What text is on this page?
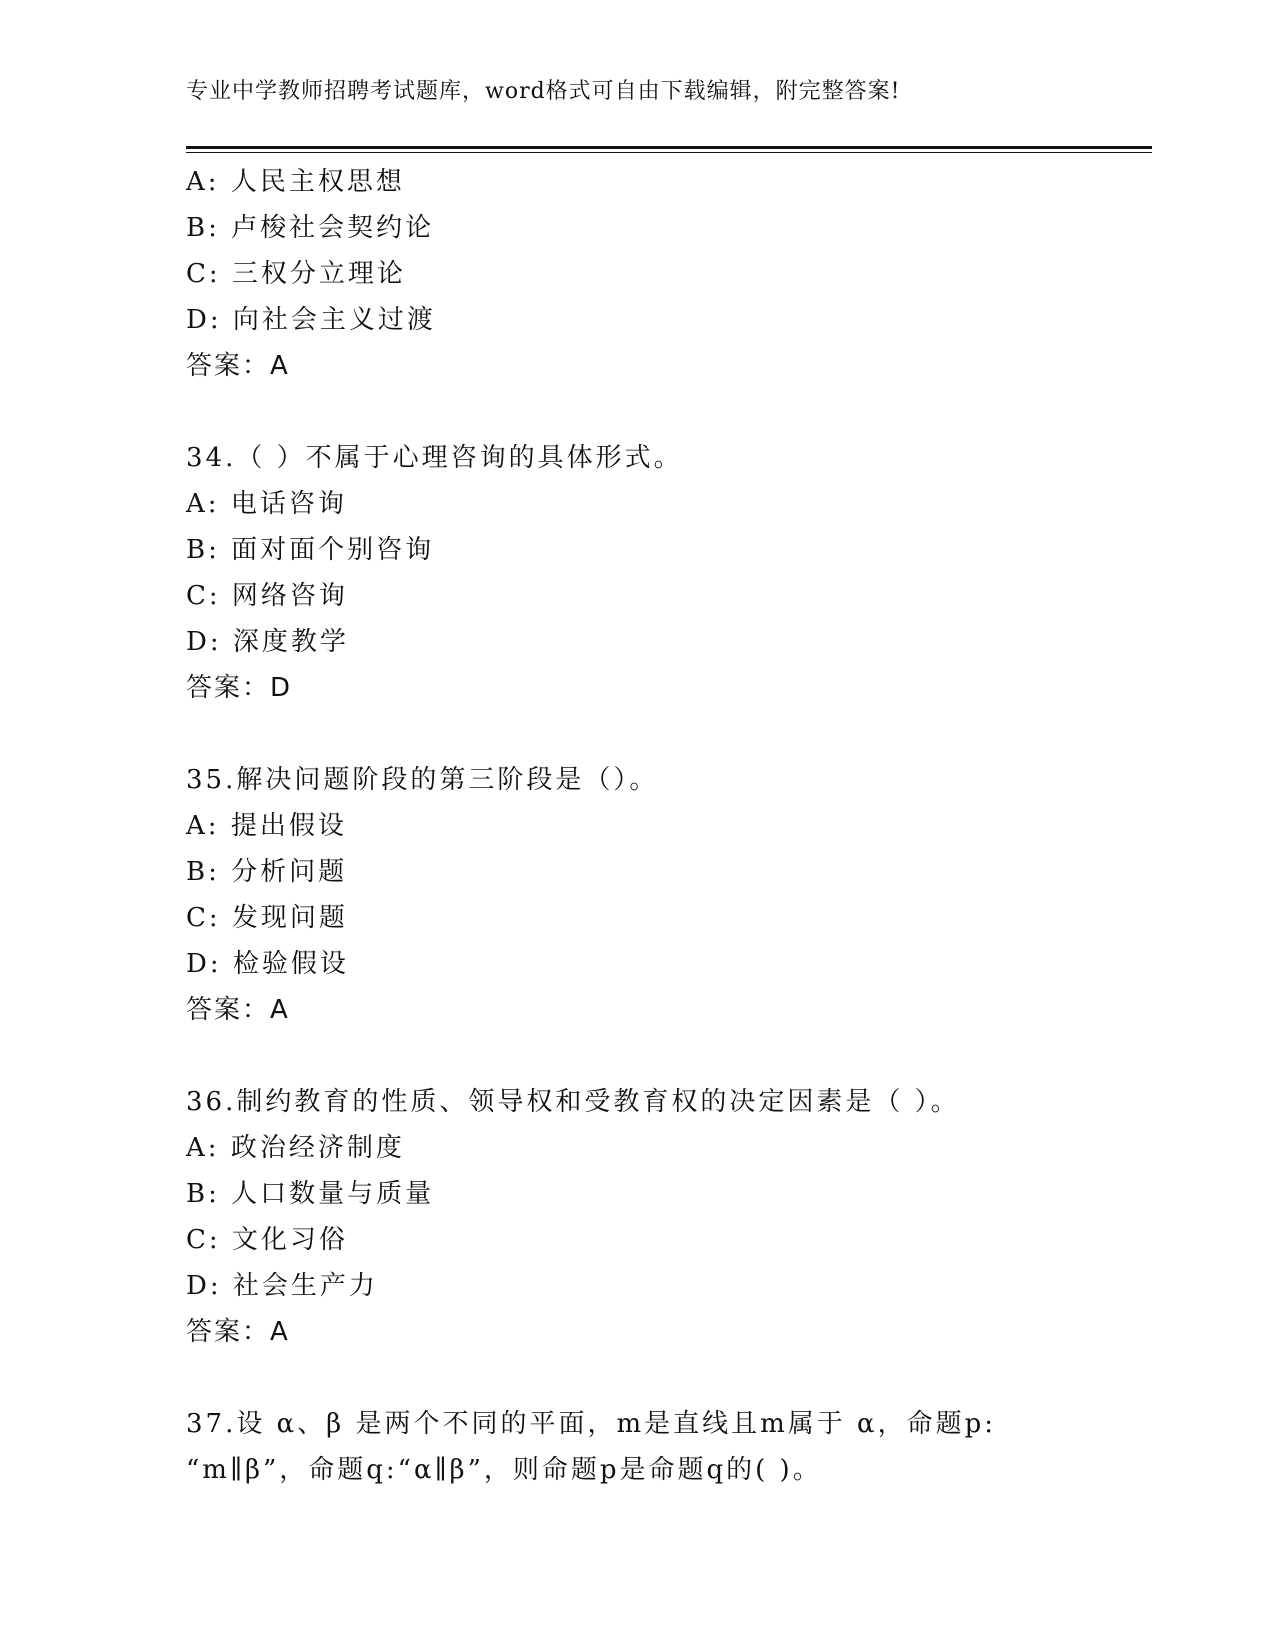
专业中学教师招聘考试题库，word格式可自由下载编辑，附完整答案!
A: 人民主权思想
B: 卢梭社会契约论
C: 三权分立理论
D: 向社会主义过渡
答案：A
34.（ ）不属于心理咨询的具体形式。
A: 电话咨询
B: 面对面个别咨询
C: 网络咨询
D: 深度教学
答案：D
35.解决问题阶段的第三阶段是（）。
A: 提出假设
B: 分析问题
C: 发现问题
D: 检验假设
答案：A
36.制约教育的性质、领导权和受教育权的决定因素是（ ）。
A: 政治经济制度
B: 人口数量与质量
C: 文化习俗
D: 社会生产力
答案：A
37.设 α、β 是两个不同的平面，m是直线且m属于 α，命题p:
“m∥β”，命题q:“α∥β”，则命题p是命题q的( )。
